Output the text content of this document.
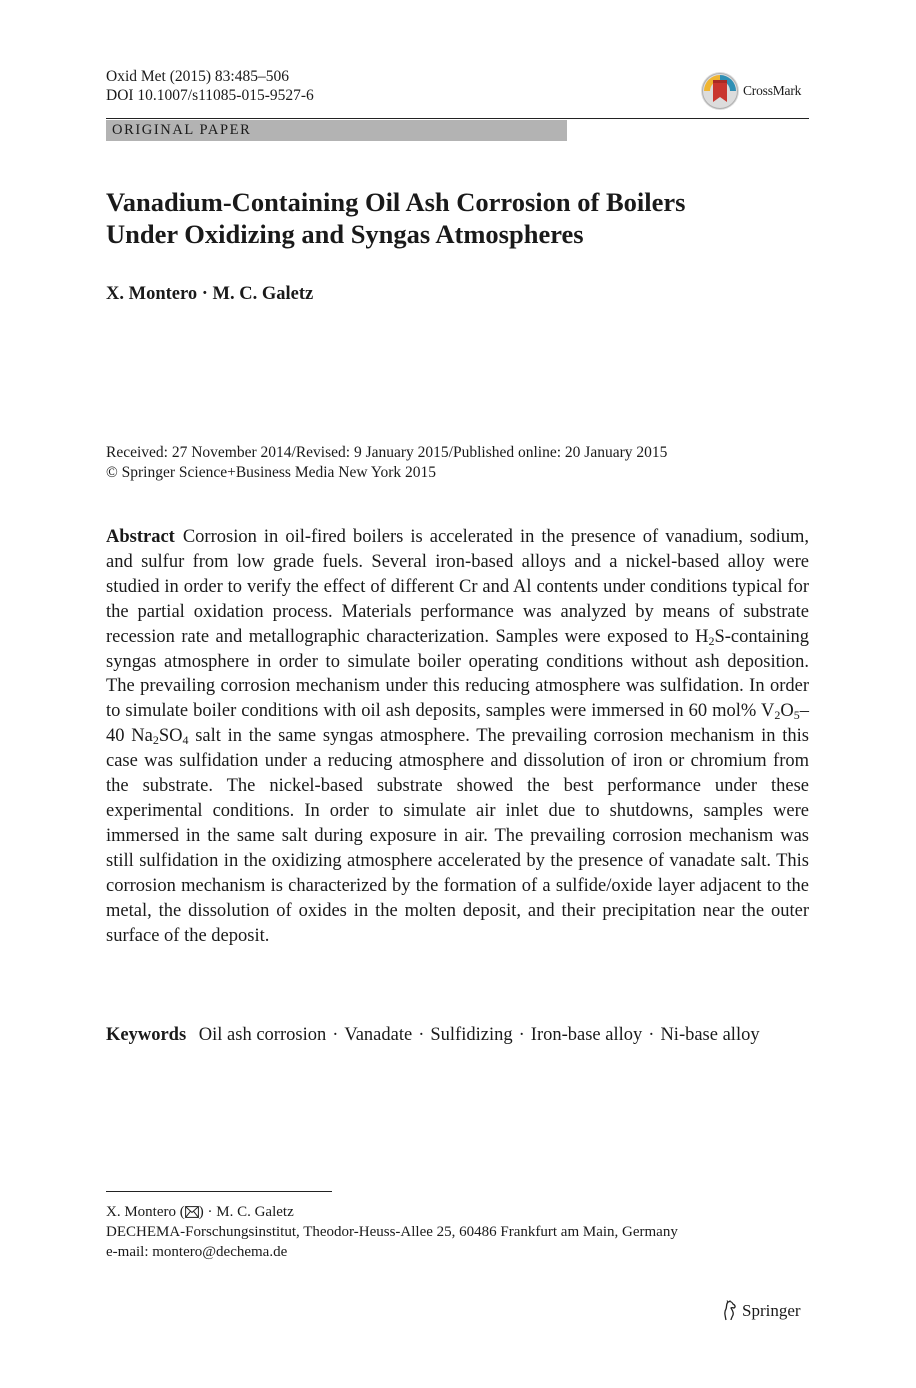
Oxid Met (2015) 83:485–506
DOI 10.1007/s11085-015-9527-6	CrossMark
ORIGINAL PAPER
Vanadium-Containing Oil Ash Corrosion of Boilers
Under Oxidizing and Syngas Atmospheres
X. Montero · M. C. Galetz
Received: 27 November 2014/Revised: 9 January 2015/Published online: 20 January 2015
© Springer Science+Business Media New York 2015
Abstract Corrosion in oil-fired boilers is accelerated in the presence of vanadium, sodium, and sulfur from low grade fuels. Several iron-based alloys and a nickel-based alloy were studied in order to verify the effect of different Cr and Al contents under conditions typical for the partial oxidation process. Materials performance was analyzed by means of substrate recession rate and metallographic characterization. Samples were exposed to $H_2S$-containing syngas atmosphere in order to simulate boiler operating conditions without ash deposition. The prevailing corrosion mechanism under this reducing atmosphere was sulfidation. In order to simulate boiler conditions with oil ash deposits, samples were immersed in 60 mol% $V_2O_5-40$ $Na_2SO_4$ salt in the same syngas atmosphere. The prevailing corrosion mechanism in this case was sulfidation under a reducing atmosphere and dissolution of iron or chromium from the substrate. The nickel-based substrate showed the best performance under these experimental conditions. In order to simulate air inlet due to shutdowns, samples were immersed in the same salt during exposure in air. The prevailing corrosion mechanism was still sulfidation in the oxidizing atmosphere accelerated by the presence of vanadate salt. This corrosion mechanism is characterized by the formation of a sulfide/oxide layer adjacent to the metal, the dissolution of oxides in the molten deposit, and their precipitation near the outer surface of the deposit.
Keywords Oil ash corrosion · Vanadate · Sulfidizing · Iron-base alloy · Ni-base alloy
X. Montero ( ) · M. C. Galetz
DECHEMA-Forschungsinstitut, Theodor-Heuss-Allee 25, 60486 Frankfurt am Main, Germany
e-mail: montero@dechema.de
Springer
